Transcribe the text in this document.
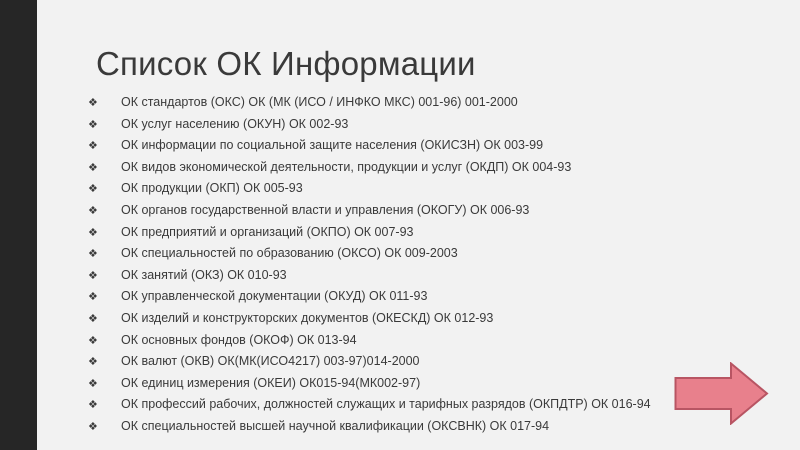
Список ОК Информации
❖ ОК стандартов (ОКС) ОК (МК (ИСО / ИНФКО МКС) 001-96) 001-2000
❖ ОК услуг населению (ОКУН) ОК 002-93
❖ ОК информации по социальной защите населения (ОКИСЗН) ОК 003-99
❖ ОК видов экономической деятельности, продукции и услуг (ОКДП) ОК 004-93
❖ ОК продукции (ОКП) ОК 005-93
❖ ОК органов государственной власти и управления (ОКОГУ) ОК 006-93
❖ ОК предприятий и организаций (ОКПО) ОК 007-93
❖ ОК специальностей по образованию (ОКСО) ОК 009-2003
❖ ОК занятий (ОКЗ) ОК 010-93
❖ ОК управленческой документации (ОКУД) ОК 011-93
❖ ОК изделий и конструкторских документов (ОКЕСКД) ОК 012-93
❖ ОК основных фондов (ОКОФ) ОК 013-94
❖ ОК валют (ОКВ) ОК(МК(ИСО4217) 003-97)014-2000
❖ ОК единиц измерения (ОКЕИ) ОК015-94(МК002-97)
❖ ОК профессий рабочих, должностей служащих и тарифных разрядов (ОКПДТР) ОК 016-94
❖ ОК специальностей высшей научной квалификации (ОКСВНК) ОК 017-94
